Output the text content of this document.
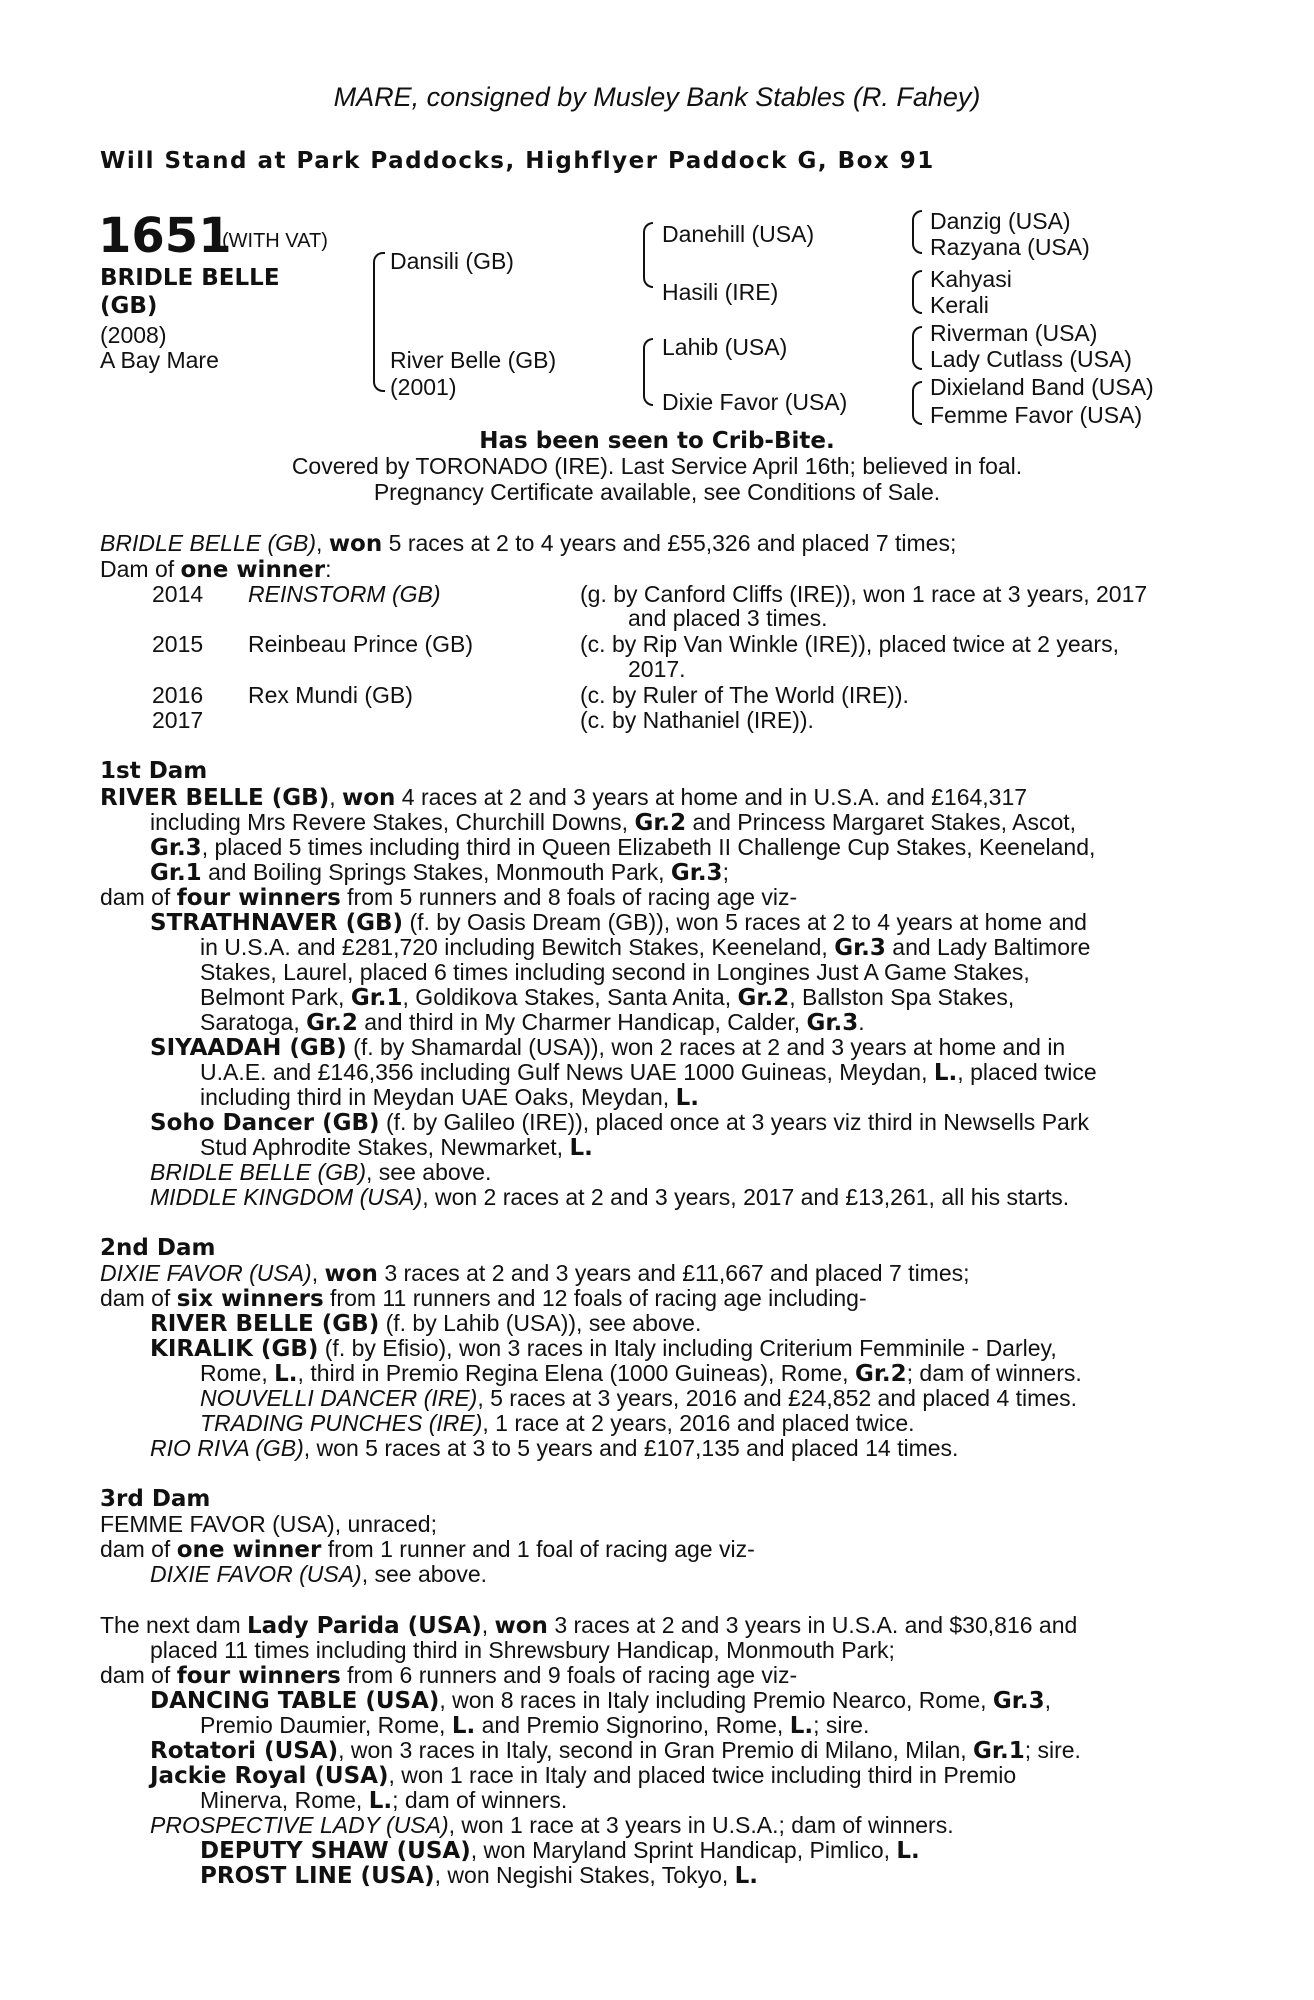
MARE, consigned by Musley Bank Stables (R. Fahey)
Will Stand at Park Paddocks, Highflyer Paddock G, Box 91
1651
(WITH VAT)
BRIDLE BELLE
(GB)
(2008)
A Bay Mare
Dansili (GB)
River Belle (GB)
(2001)
Danehill (USA)
Hasili (IRE)
Lahib (USA)
Dixie Favor (USA)
Danzig (USA)
Razyana (USA)
Kahyasi
Kerali
Riverman (USA)
Lady Cutlass (USA)
Dixieland Band (USA)
Femme Favor (USA)
Has been seen to Crib-Bite.
Covered by TORONADO (IRE). Last Service April 16th; believed in foal.
Pregnancy Certificate available, see Conditions of Sale.
BRIDLE BELLE (GB), won 5 races at 2 to 4 years and £55,326 and placed 7 times;
Dam of one winner:
2014 REINSTORM (GB)	(g. by Canford Cliffs (IRE)), won 1 race at 3 years, 2017
and placed 3 times.
2015 Reinbeau Prince (GB)	(c. by Rip Van Winkle (IRE)), placed twice at 2 years,
2017.
2016 Rex Mundi (GB)	(c. by Ruler of The World (IRE)).
2017	(c. by Nathaniel (IRE)).
1st Dam
RIVER BELLE (GB), won 4 races at 2 and 3 years at home and in U.S.A. and £164,317
including Mrs Revere Stakes, Churchill Downs, Gr.2 and Princess Margaret Stakes, Ascot,
Gr.3, placed 5 times including third in Queen Elizabeth II Challenge Cup Stakes, Keeneland,
Gr.1 and Boiling Springs Stakes, Monmouth Park, Gr.3;
dam of four winners from 5 runners and 8 foals of racing age viz-
STRATHNAVER (GB) (f. by Oasis Dream (GB)), won 5 races at 2 to 4 years at home and
in U.S.A. and £281,720 including Bewitch Stakes, Keeneland, Gr.3 and Lady Baltimore
Stakes, Laurel, placed 6 times including second in Longines Just A Game Stakes,
Belmont Park, Gr.1, Goldikova Stakes, Santa Anita, Gr.2, Ballston Spa Stakes,
Saratoga, Gr.2 and third in My Charmer Handicap, Calder, Gr.3.
SIYAADAH (GB) (f. by Shamardal (USA)), won 2 races at 2 and 3 years at home and in
U.A.E. and £146,356 including Gulf News UAE 1000 Guineas, Meydan, L., placed twice
including third in Meydan UAE Oaks, Meydan, L.
Soho Dancer (GB) (f. by Galileo (IRE)), placed once at 3 years viz third in Newsells Park
Stud Aphrodite Stakes, Newmarket, L.
BRIDLE BELLE (GB), see above.
MIDDLE KINGDOM (USA), won 2 races at 2 and 3 years, 2017 and £13,261, all his starts.
2nd Dam
DIXIE FAVOR (USA), won 3 races at 2 and 3 years and £11,667 and placed 7 times;
dam of six winners from 11 runners and 12 foals of racing age including-
RIVER BELLE (GB) (f. by Lahib (USA)), see above.
KIRALIK (GB) (f. by Efisio), won 3 races in Italy including Criterium Femminile - Darley,
Rome, L., third in Premio Regina Elena (1000 Guineas), Rome, Gr.2; dam of winners.
NOUVELLI DANCER (IRE), 5 races at 3 years, 2016 and £24,852 and placed 4 times.
TRADING PUNCHES (IRE), 1 race at 2 years, 2016 and placed twice.
RIO RIVA (GB), won 5 races at 3 to 5 years and £107,135 and placed 14 times.
3rd Dam
FEMME FAVOR (USA), unraced;
dam of one winner from 1 runner and 1 foal of racing age viz-
DIXIE FAVOR (USA), see above.
The next dam Lady Parida (USA), won 3 races at 2 and 3 years in U.S.A. and $30,816 and
placed 11 times including third in Shrewsbury Handicap, Monmouth Park;
dam of four winners from 6 runners and 9 foals of racing age viz-
DANCING TABLE (USA), won 8 races in Italy including Premio Nearco, Rome, Gr.3,
Premio Daumier, Rome, L. and Premio Signorino, Rome, L.; sire.
Rotatori (USA), won 3 races in Italy, second in Gran Premio di Milano, Milan, Gr.1; sire.
Jackie Royal (USA), won 1 race in Italy and placed twice including third in Premio
Minerva, Rome, L.; dam of winners.
PROSPECTIVE LADY (USA), won 1 race at 3 years in U.S.A.; dam of winners.
DEPUTY SHAW (USA), won Maryland Sprint Handicap, Pimlico, L.
PROST LINE (USA), won Negishi Stakes, Tokyo, L.
